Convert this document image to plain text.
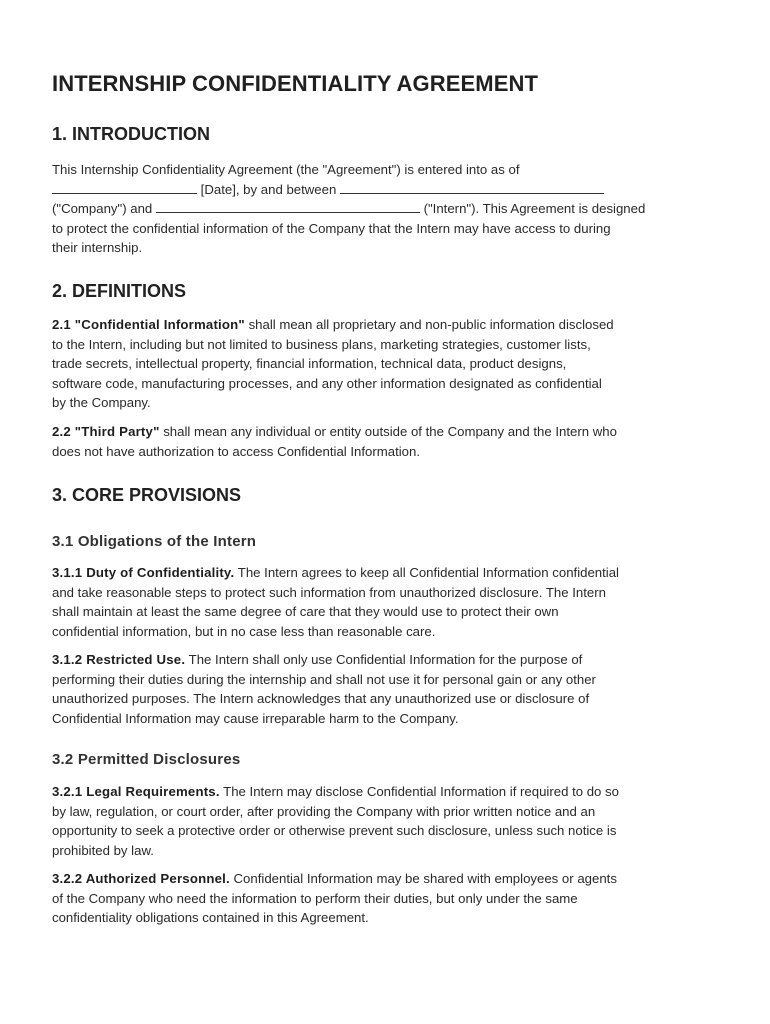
INTERNSHIP CONFIDENTIALITY AGREEMENT
1. INTRODUCTION
This Internship Confidentiality Agreement (the "Agreement") is entered into as of
[Date], by and between
("Company") and	("Intern"). This Agreement is designed
to protect the confidential information of the Company that the Intern may have access to during
their internship.
2. DEFINITIONS
2.1 "Confidential Information" shall mean all proprietary and non-public information disclosed
to the Intern, including but not limited to business plans, marketing strategies, customer lists,
trade secrets, intellectual property, financial information, technical data, product designs,
software code, manufacturing processes, and any other information designated as confidential
by the Company.
2.2 "Third Party" shall mean any individual or entity outside of the Company and the Intern who
does not have authorization to access Confidential Information.
3. CORE PROVISIONS
3.1 Obligations of the Intern
3.1.1 Duty of Confidentiality. The Intern agrees to keep all Confidential Information confidential
and take reasonable steps to protect such information from unauthorized disclosure. The Intern
shall maintain at least the same degree of care that they would use to protect their own
confidential information, but in no case less than reasonable care.
3.1.2 Restricted Use. The Intern shall only use Confidential Information for the purpose of
performing their duties during the internship and shall not use it for personal gain or any other
unauthorized purposes. The Intern acknowledges that any unauthorized use or disclosure of
Confidential Information may cause irreparable harm to the Company.
3.2 Permitted Disclosures
3.2.1 Legal Requirements. The Intern may disclose Confidential Information if required to do so
by law, regulation, or court order, after providing the Company with prior written notice and an
opportunity to seek a protective order or otherwise prevent such disclosure, unless such notice is
prohibited by law.
3.2.2 Authorized Personnel. Confidential Information may be shared with employees or agents
of the Company who need the information to perform their duties, but only under the same
confidentiality obligations contained in this Agreement.
